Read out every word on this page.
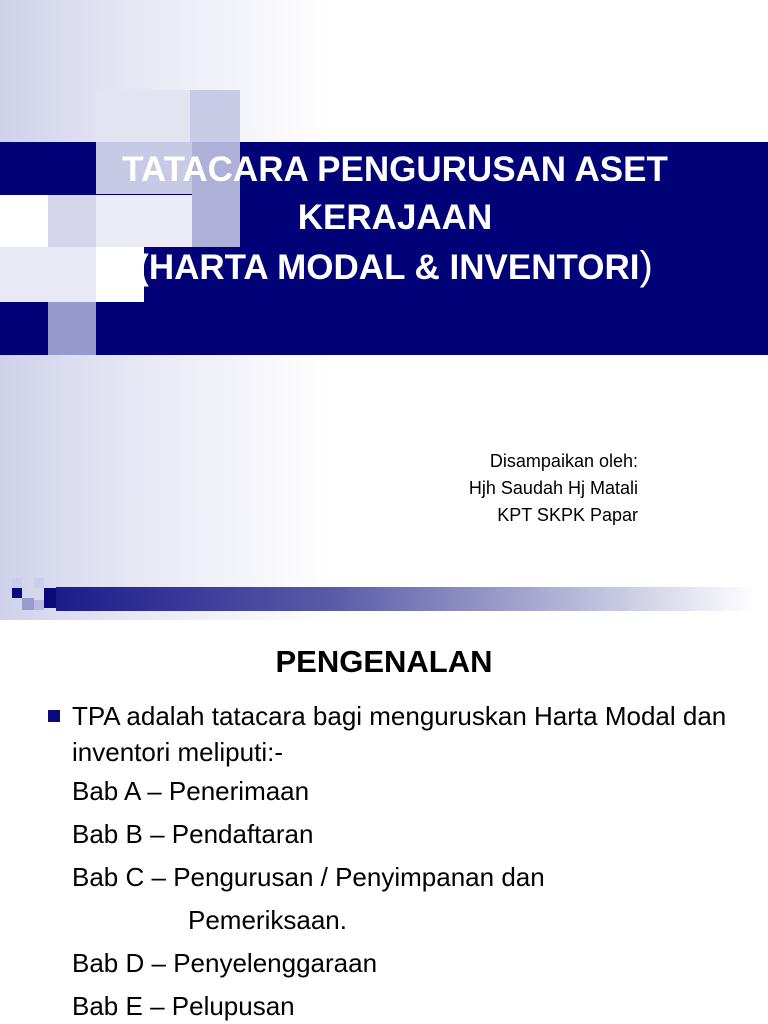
TATACARA PENGURUSAN ASET
KERAJAAN
(HARTA MODAL & INVENTORI)
Disampaikan oleh:
Hjh Saudah Hj Matali
KPT SKPK Papar
PENGENALAN
TPA adalah tatacara bagi menguruskan Harta Modal dan inventori meliputi:-
Bab A – Penerimaan
Bab B – Pendaftaran
Bab C – Pengurusan / Penyimpanan dan
Pemeriksaan.
Bab D – Penyelenggaraan
Bab E – Pelupusan
